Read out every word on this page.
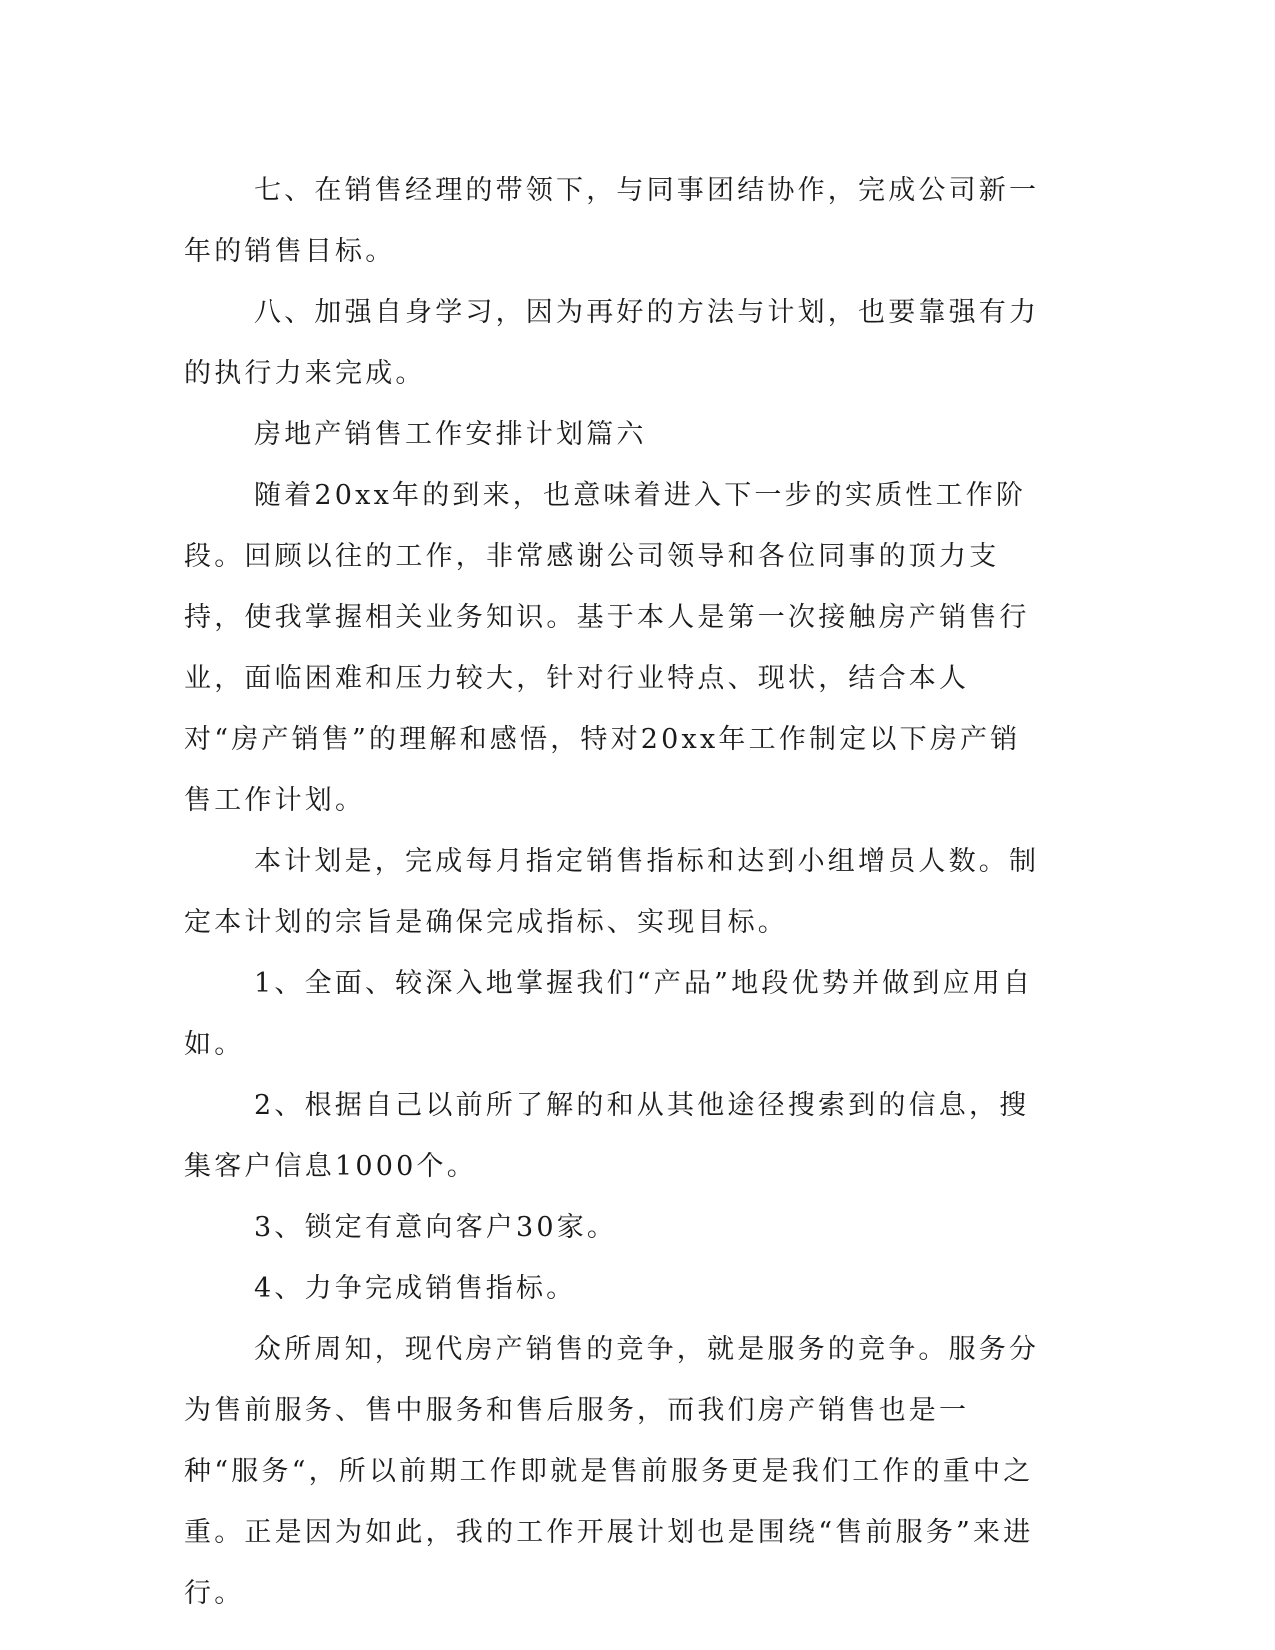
七、在销售经理的带领下，与同事团结协作，完成公司新一年的销售目标。

八、加强自身学习，因为再好的方法与计划，也要靠强有力的执行力来完成。

房地产销售工作安排计划篇六

随着20xx年的到来，也意味着进入下一步的实质性工作阶段。回顾以往的工作，非常感谢公司领导和各位同事的顶力支持，使我掌握相关业务知识。基于本人是第一次接触房产销售行业，面临困难和压力较大，针对行业特点、现状，结合本人对“房产销售”的理解和感悟，特对20xx年工作制定以下房产销售工作计划。

本计划是，完成每月指定销售指标和达到小组增员人数。制定本计划的宗旨是确保完成指标、实现目标。

1、全面、较深入地掌握我们“产品”地段优势并做到应用自如。

2、根据自己以前所了解的和从其他途径搜索到的信息，搜集客户信息1000个。

3、锁定有意向客户30家。

4、力争完成销售指标。

众所周知，现代房产销售的竞争，就是服务的竞争。服务分为售前服务、售中服务和售后服务，而我们房产销售也是一种“服务“，所以前期工作即就是售前服务更是我们工作的重中之重。正是因为如此，我的工作开展计划也是围绕“售前服务”来进行。
